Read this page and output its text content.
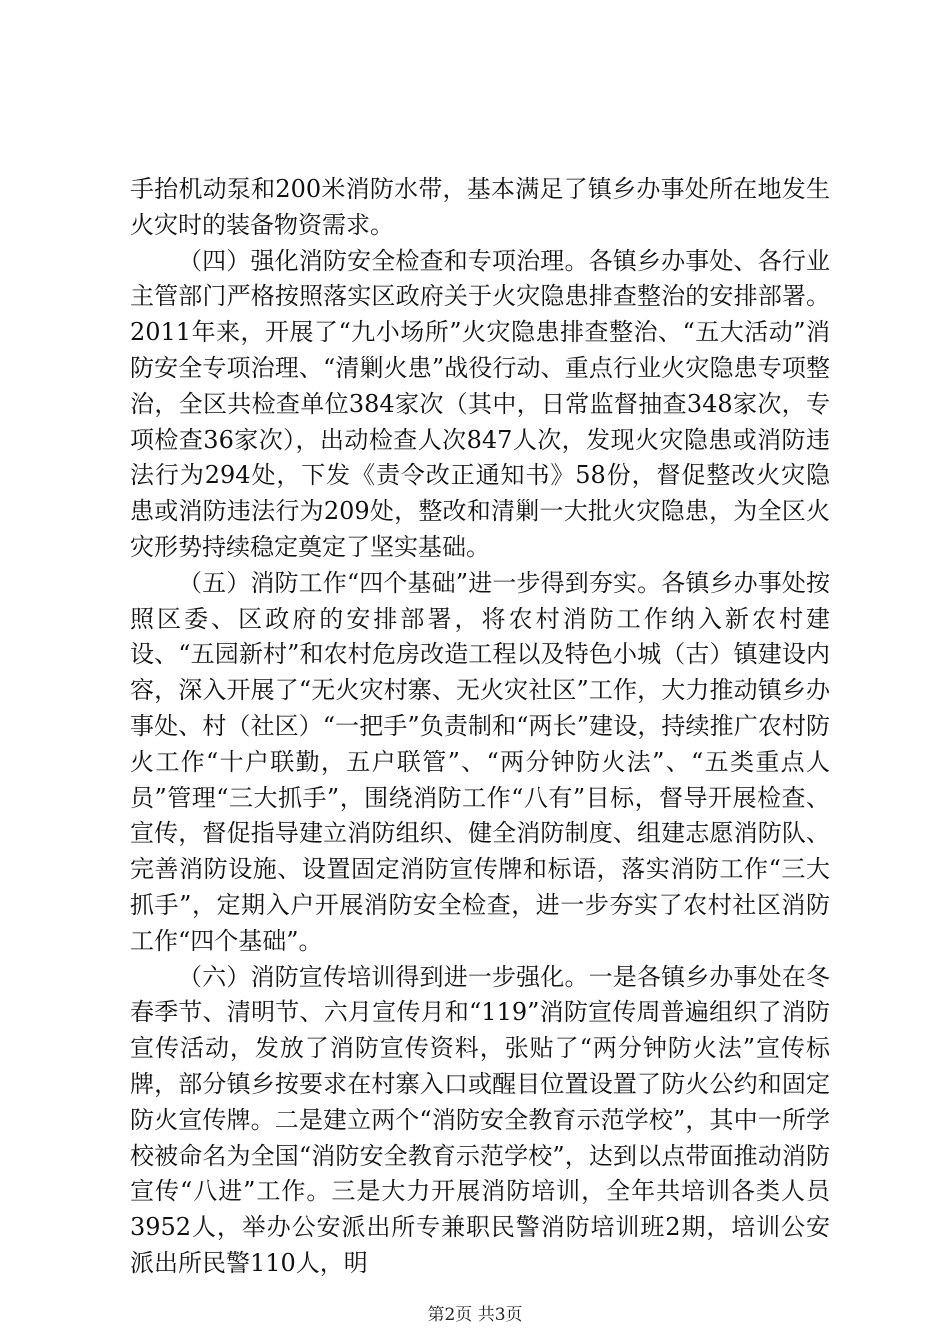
手抬机动泵和200米消防水带，基本满足了镇乡办事处所在地发生火灾时的装备物资需求。

（四）强化消防安全检查和专项治理。各镇乡办事处、各行业主管部门严格按照落实区政府关于火灾隐患排查整治的安排部署。2011年来，开展了“九小场所”火灾隐患排查整治、“五大活动”消防安全专项治理、“清剿火患”战役行动、重点行业火灾隐患专项整治，全区共检查单位384家次（其中，日常监督抽查348家次，专项检查36家次），出动检查人次847人次，发现火灾隐患或消防违法行为294处，下发《责令改正通知书》58份，督促整改火灾隐患或消防违法行为209处，整改和清剿一大批火灾隐患，为全区火灾形势持续稳定奠定了坚实基础。

（五）消防工作“四个基础”进一步得到夯实。各镇乡办事处按照区委、区政府的安排部署，将农村消防工作纳入新农村建设、“五园新村”和农村危房改造工程以及特色小城（古）镇建设内容，深入开展了“无火灾村寨、无火灾社区”工作，大力推动镇乡办事处、村（社区）“一把手”负责制和“两长”建设，持续推广农村防火工作“十户联勤，五户联管”、“两分钟防火法”、“五类重点人员”管理“三大抓手”，围绕消防工作“八有”目标，督导开展检查、宣传，督促指导建立消防组织、健全消防制度、组建志愿消防队、完善消防设施、设置固定消防宣传牌和标语，落实消防工作“三大抓手”，定期入户开展消防安全检查，进一步夯实了农村社区消防工作“四个基础”。

（六）消防宣传培训得到进一步强化。一是各镇乡办事处在冬春季节、清明节、六月宣传月和“119”消防宣传周普遍组织了消防宣传活动，发放了消防宣传资料，张贴了“两分钟防火法”宣传标牌，部分镇乡按要求在村寨入口或醒目位置设置了防火公约和固定防火宣传牌。二是建立两个“消防安全教育示范学校”，其中一所学校被命名为全国“消防安全教育示范学校”，达到以点带面推动消防宣传“八进”工作。三是大力开展消防培训，全年共培训各类人员3952人，举办公安派出所专兼职民警消防培训班2期，培训公安派出所民警110人，明

第2页 共3页
